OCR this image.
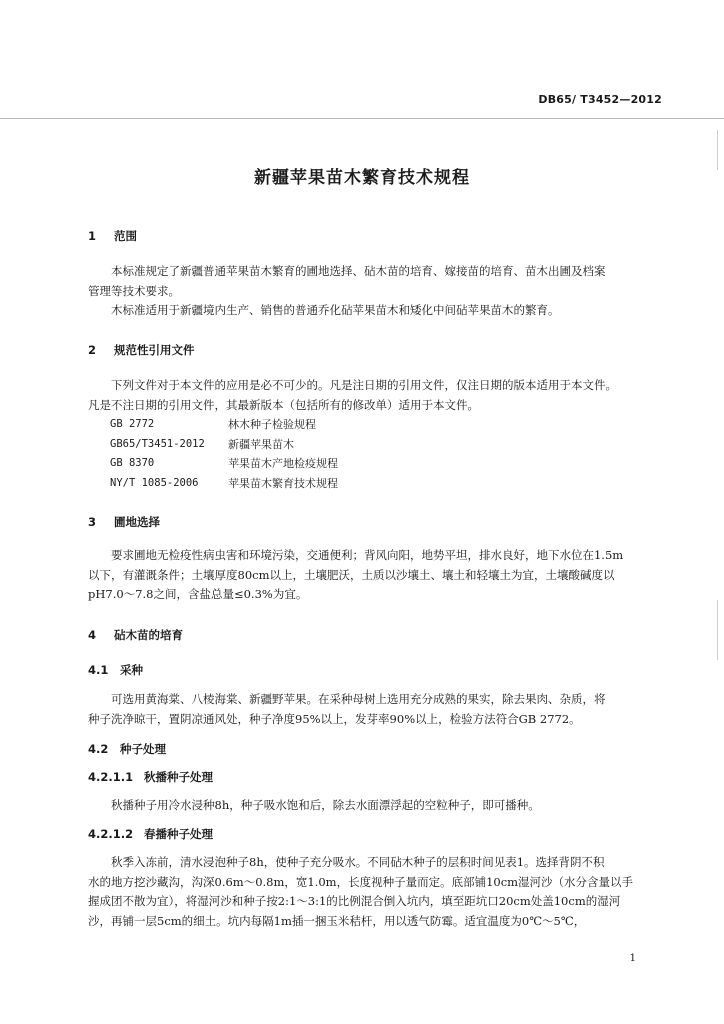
DB65/ T3452—2012
新疆苹果苗木繁育技术规程
1 范围
本标准规定了新疆普通苹果苗木繁育的圃地选择、砧木苗的培育、嫁接苗的培育、苗木出圃及档案
管理等技术要求。
木标准适用于新疆境内生产、销售的普通乔化砧苹果苗木和矮化中间砧苹果苗木的繁育。
2 规范性引用文件
下列文件对于本文件的应用是必不可少的。凡是注日期的引用文件，仅注日期的版本适用于本文件。
凡是不注日期的引用文件，其最新版本（包括所有的修改单）适用于本文件。
GB 2772	林木种子检验规程
GB65/T3451-2012	新疆苹果苗木
GB 8370	苹果苗木产地检疫规程
NY/T 1085-2006	苹果苗木繁育技术规程
3 圃地选择
要求圃地无检疫性病虫害和环境污染，交通便利；背风向阳，地势平坦，排水良好，地下水位在1.5m
以下，有灌溉条件；土壤厚度80cm以上，土壤肥沃，土质以沙壤土、壤土和轻壤土为宜，土壤酸碱度以
pH7.0～7.8之间，含盐总量≤0.3%为宜。
4 砧木苗的培育
4.1 采种
可选用黄海棠、八棱海棠、新疆野苹果。在采种母树上选用充分成熟的果实，除去果肉、杂质，将
种子洗净晾干，置阴凉通风处，种子净度95%以上，发芽率90%以上，检验方法符合GB 2772。
4.2 种子处理
4.2.1.1 秋播种子处理
秋播种子用冷水浸种8h，种子吸水饱和后，除去水面漂浮起的空粒种子，即可播种。
4.2.1.2 春播种子处理
秋季入冻前，清水浸泡种子8h，使种子充分吸水。不同砧木种子的层积时间见表1。选择背阴不积
水的地方挖沙藏沟，沟深0.6m～0.8m，宽1.0m，长度视种子量而定。底部铺10cm湿河沙（水分含量以手
握成团不散为宜），将湿河沙和种子按2:1～3:1的比例混合倒入坑内，填至距坑口20cm处盖10cm的湿河
沙，再铺一层5cm的细土。坑内每隔1m插一捆玉米秸杆，用以透气防霉。适宜温度为0℃～5℃，
1
